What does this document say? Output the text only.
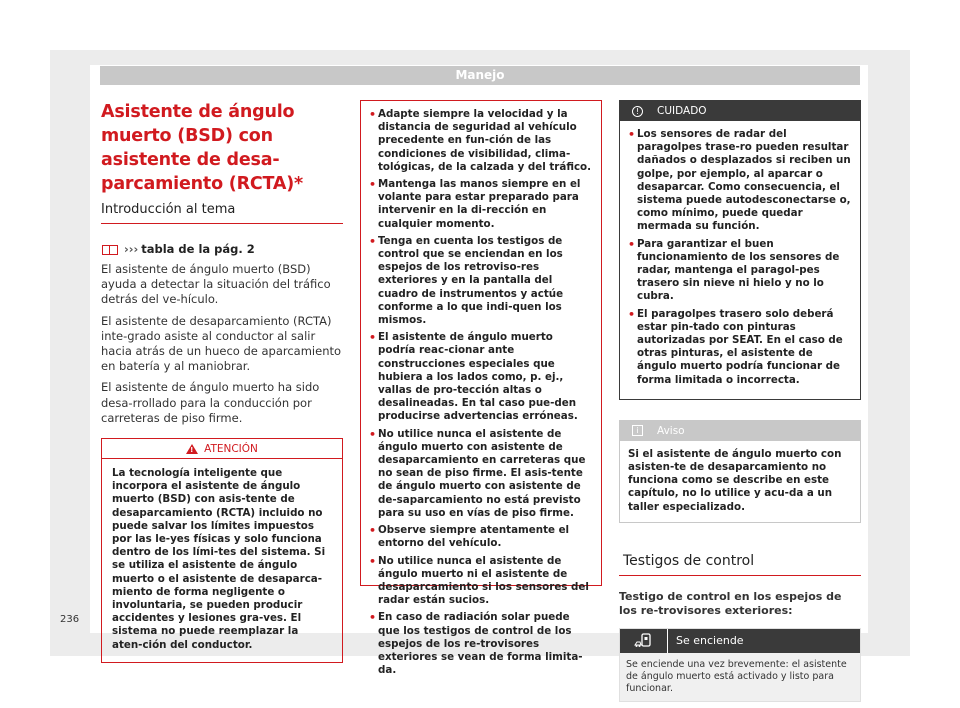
Manejo
Asistente de ángulo muerto (BSD) con asistente de desa-parcamiento (RCTA)*
Introducción al tema
››› tabla de la pág. 2

El asistente de ángulo muerto (BSD) ayuda a detectar la situación del tráfico detrás del ve-hículo.

El asistente de desaparcamiento (RCTA) inte-grado asiste al conductor al salir hacia atrás de un hueco de aparcamiento en batería y al maniobrar.

El asistente de ángulo muerto ha sido desa-rrollado para la conducción por carreteras de piso firme.

! ATENCIÓN
La tecnología inteligente que incorpora el asistente de ángulo muerto (BSD) con asis-tente de desaparcamiento (RCTA) incluido no puede salvar los límites impuestos por las le-yes físicas y solo funciona dentro de los lími-tes del sistema. Si se utiliza el asistente de ángulo muerto o el asistente de desaparca-miento de forma negligente o involuntaria, se pueden producir accidentes y lesiones gra-ves. El sistema no puede reemplazar la aten-ción del conductor.
• Adapte siempre la velocidad y la distancia de seguridad al vehículo precedente en fun-ción de las condiciones de visibilidad, clima-tológicas, de la calzada y del tráfico.
• Mantenga las manos siempre en el volante para estar preparado para intervenir en la di-rección en cualquier momento.
• Tenga en cuenta los testigos de control que se enciendan en los espejos de los retroviso-res exteriores y en la pantalla del cuadro de instrumentos y actúe conforme a lo que indi-quen los mismos.
• El asistente de ángulo muerto podría reac-cionar ante construcciones especiales que hubiera a los lados como, p. ej., vallas de pro-tección altas o desalineadas. En tal caso pue-den producirse advertencias erróneas.
• No utilice nunca el asistente de ángulo muerto con asistente de desaparcamiento en carreteras que no sean de piso firme. El asis-tente de ángulo muerto con asistente de de-saparcamiento no está previsto para su uso en vías de piso firme.
• Observe siempre atentamente el entorno del vehículo.
• No utilice nunca el asistente de ángulo muerto ni el asistente de desaparcamiento si los sensores del radar están sucios.
• En caso de radiación solar puede que los testigos de control de los espejos de los re-trovisores exteriores se vean de forma limita-da.
!	CUIDADO
• Los sensores de radar del paragolpes trase-ro pueden resultar dañados o desplazados si reciben un golpe, por ejemplo, al aparcar o desaparcar. Como consecuencia, el sistema puede autodesconectarse o, como mínimo, puede quedar mermada su función.
• Para garantizar el buen funcionamiento de los sensores de radar, mantenga el paragol-pes trasero sin nieve ni hielo y no lo cubra.
• El paragolpes trasero solo deberá estar pin-tado con pinturas autorizadas por SEAT. En el caso de otras pinturas, el asistente de ángulo muerto podría funcionar de forma limitada o incorrecta.
i	Aviso
Si el asistente de ángulo muerto con asisten-te de desaparcamiento no funciona como se describe en este capítulo, no lo utilice y acu-da a un taller especializado.
Testigos de control

Testigo de control en los espejos de los re-trovisores exteriores:

Se enciende
Se enciende una vez brevemente: el asistente de ángulo muerto está activado y listo para funcionar.
236
